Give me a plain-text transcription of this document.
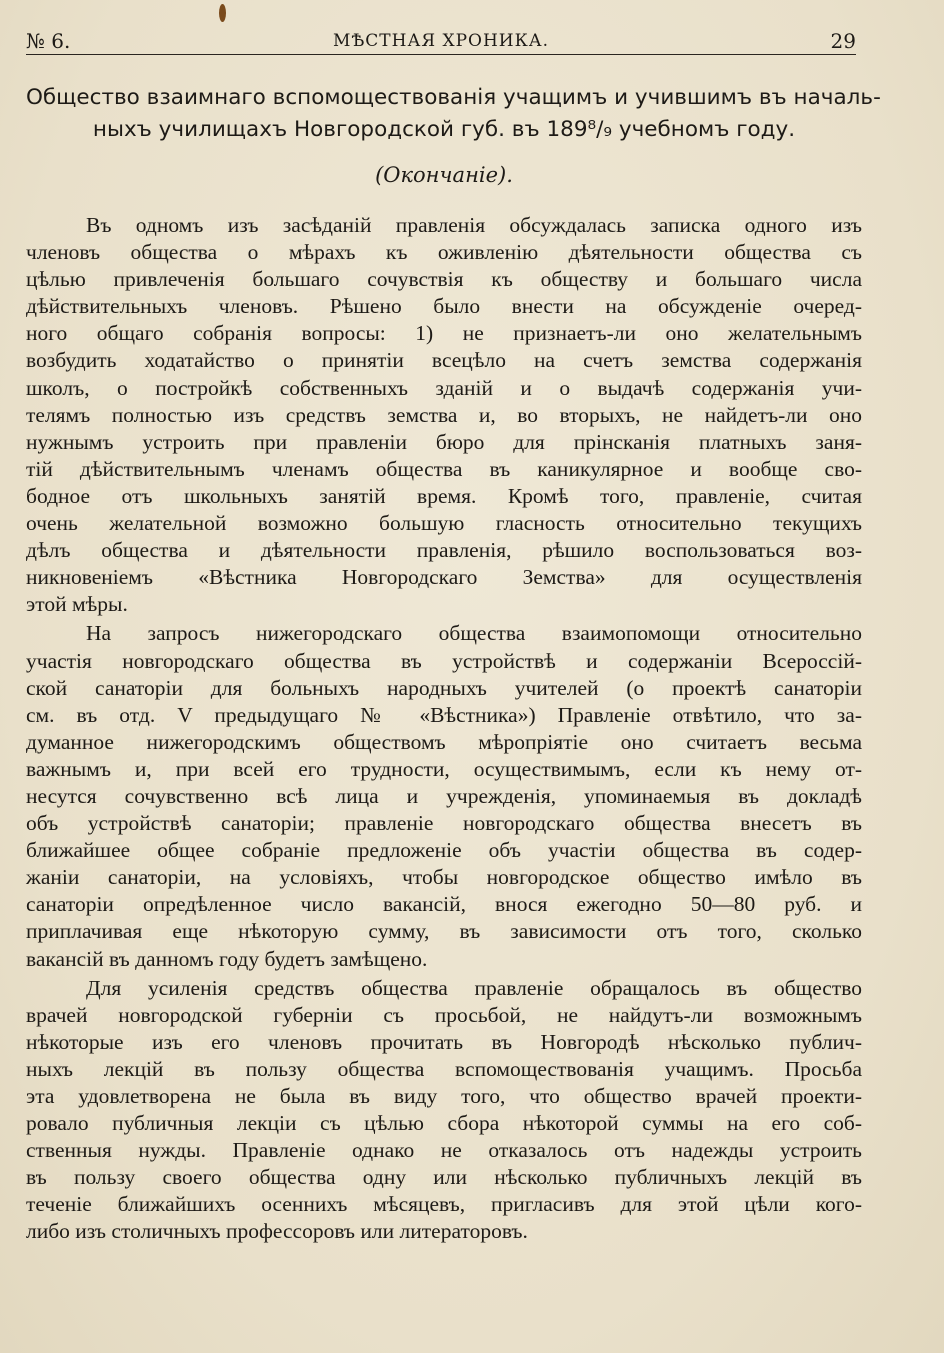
№ 6.	МѢСТНАЯ ХРОНИКА.	29
Общество взаимнаго вспомоществованія учащимъ и учившимъ въ началь-
ныхъ училищахъ Новгородской губ. въ 189⁸/₉ учебномъ году.
(Окончаніе).
Въ одномъ изъ засѣданій правленія обсуждалась записка одного изъ
членовъ общества о мѣрахъ къ оживленію дѣятельности общества съ
цѣлью привлеченія большаго сочувствія къ обществу и большаго числа
дѣйствительныхъ членовъ. Рѣшено было внести на обсужденіе очеред-
ного общаго собранія вопросы: 1) не признаетъ-ли оно желательнымъ
возбудить ходатайство о принятіи всецѣло на счетъ земства содержанія
школъ, о постройкѣ собственныхъ зданій и о выдачѣ содержанія учи-
телямъ полностью изъ средствъ земства и, во вторыхъ, не найдетъ-ли оно
нужнымъ устроить при правленіи бюро для прінсканія платныхъ заня-
тій дѣйствительнымъ членамъ общества въ каникулярное и вообще сво-
бодное отъ школьныхъ занятій время. Кромѣ того, правленіе, считая
очень желательной возможно большую гласность относительно текущихъ
дѣлъ общества и дѣятельности правленія, рѣшило воспользоваться воз-
никновеніемъ «Вѣстника Новгородскаго Земства» для осуществленія
этой мѣры.
На запросъ нижегородскаго общества взаимопомощи относительно
участія новгородскаго общества въ устройствѣ и содержаніи Всероссій-
ской санаторіи для больныхъ народныхъ учителей (о проектѣ санаторіи
см. въ отд. V предыдущаго № «Вѣстника») Правленіе отвѣтило, что за-
думанное нижегородскимъ обществомъ мѣропріятіе оно считаетъ весьма
важнымъ и, при всей его трудности, осуществимымъ, если къ нему от-
несутся сочувственно всѣ лица и учрежденія, упоминаемыя въ докладѣ
объ устройствѣ санаторіи; правленіе новгородскаго общества внесетъ въ
ближайшее общее собраніе предложеніе объ участіи общества въ содер-
жаніи санаторіи, на условіяхъ, чтобы новгородское общество имѣло въ
санаторіи опредѣленное число вакансій, внося ежегодно 50—80 руб. и
приплачивая еще нѣкоторую сумму, въ зависимости отъ того, сколько
вакансій въ данномъ году будетъ замѣщено.
Для усиленія средствъ общества правленіе обращалось въ общество
врачей новгородской губерніи съ просьбой, не найдутъ-ли возможнымъ
нѣкоторые изъ его членовъ прочитать въ Новгородѣ нѣсколько публич-
ныхъ лекцій въ пользу общества вспомоществованія учащимъ. Просьба
эта удовлетворена не была въ виду того, что общество врачей проекти-
ровало публичныя лекціи съ цѣлью сбора нѣкоторой суммы на его соб-
ственныя нужды. Правленіе однако не отказалось отъ надежды устроить
въ пользу своего общества одну или нѣсколько публичныхъ лекцій въ
теченіе ближайшихъ осеннихъ мѣсяцевъ, пригласивъ для этой цѣли кого-
либо изъ столичныхъ профессоровъ или литераторовъ.
